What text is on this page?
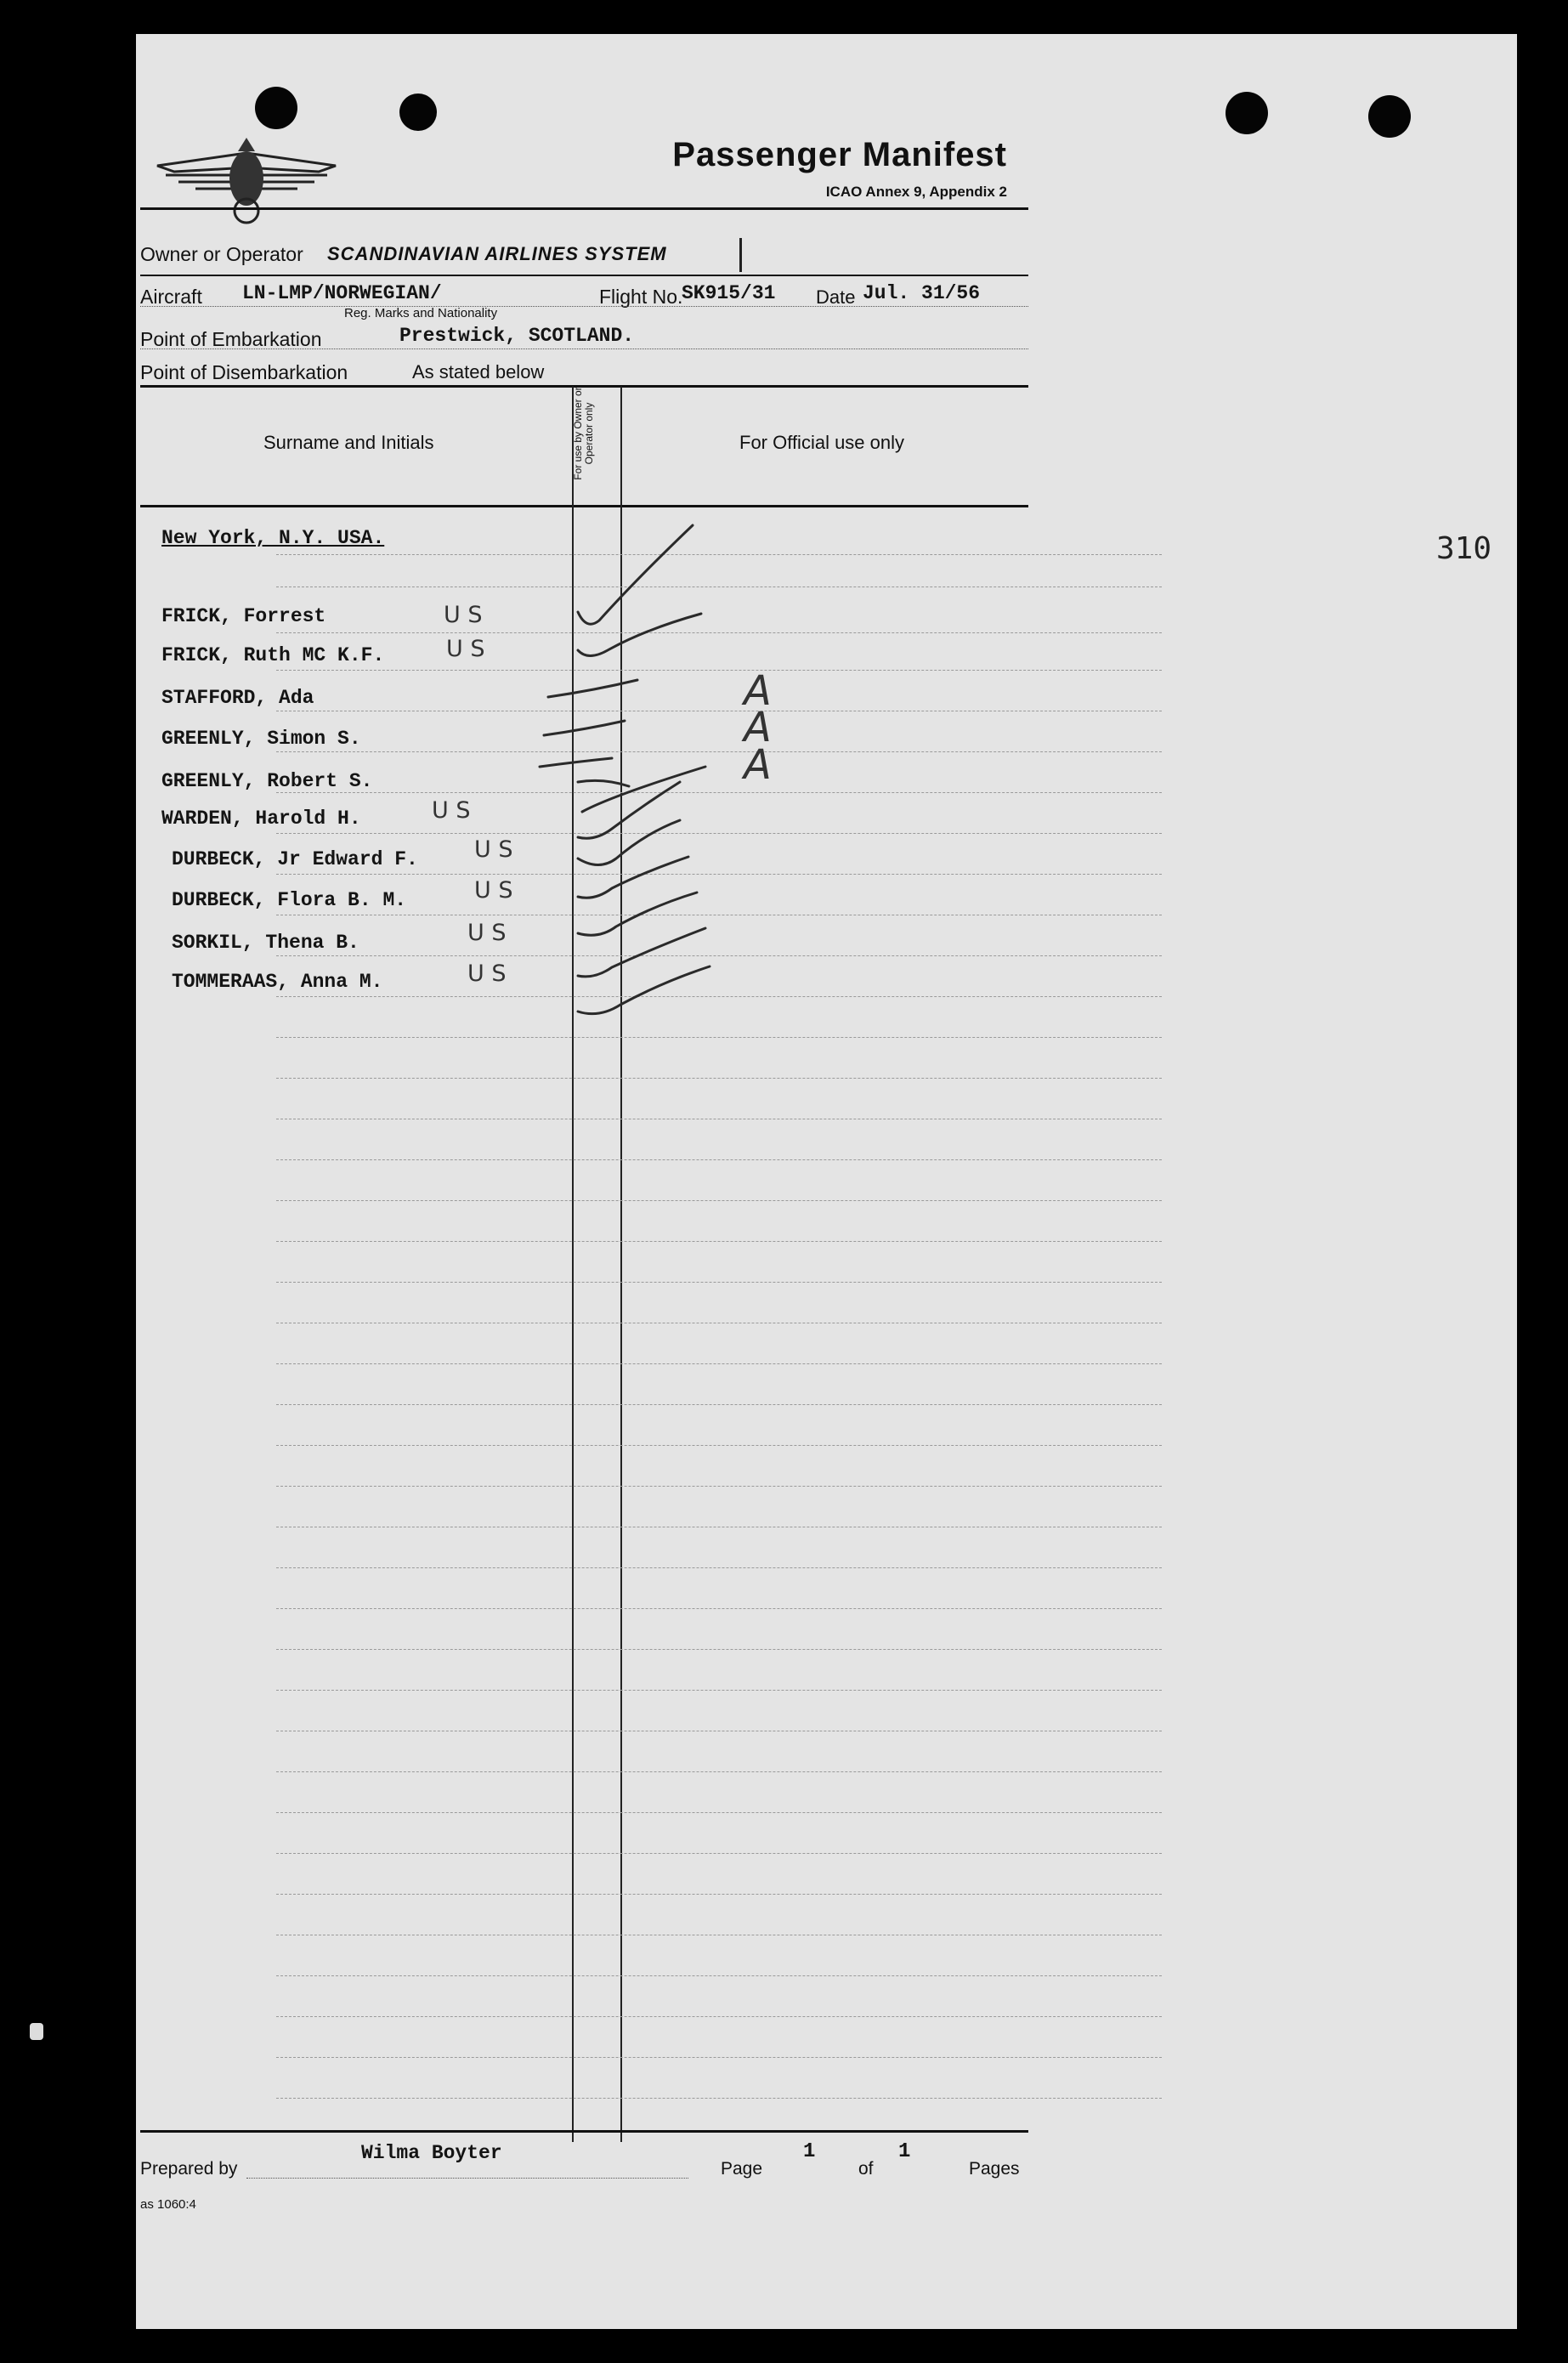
Passenger Manifest
ICAO Annex 9, Appendix 2
Owner or Operator SCANDINAVIAN AIRLINES SYSTEM
Aircraft LN-LMP/NORWEGIAN/
Reg. Marks and Nationality
Flight No.
SK915/31 Date Jul. 31/56
Point of Embarkation	Prestwick, SCOTLAND.
Point of Disembarkation	As stated below
Surname and Initials	For use by Owner or Operator only	For Official use only
New York, N.Y. USA.
FRICK, Forrest	U S
FRICK, Ruth MC K.F.	U S
STAFFORD, Ada
GREENLY, Simon S.
GREENLY, Robert S.
WARDEN, Harold H.	U S
DURBECK, Jr Edward F. U S
DURBECK, Flora B. M.	U S
SORKIL, Thena B.	U S
TOMMERAAS, Anna M.	U S
A
A
A
Prepared by
Wilma Boyter
Page
1
of
1
Pages
as 1060:4
310
